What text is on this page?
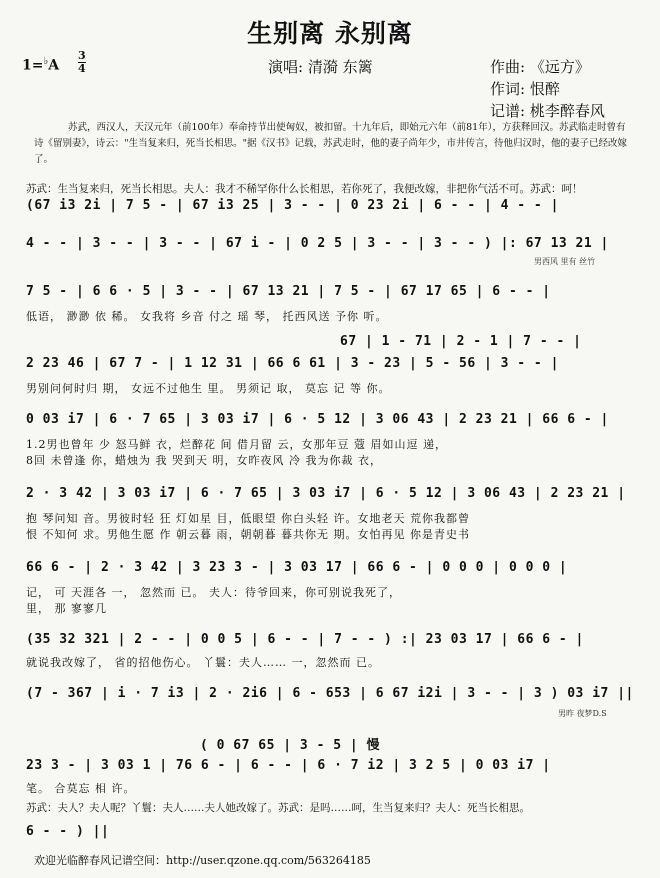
生别离 永别离
1=♭A
3
4	演唱: 清漪 东篱	作曲: 《远方》
作词: 恨醉
记谱: 桃李醉春风
苏武，西汉人，天汉元年（前100年）奉命持节出使匈奴，被扣留。十九年后，即始元六年（前81年），方获释回汉。苏武临走时曾有诗《留别妻》，诗云："生当复来归，死当长相思。"据《汉书》记载，苏武走时，他的妻子尚年少，市井传言，待他归汉时，他的妻子已经改嫁了。
苏武：生当复来归，死当长相思。夫人：我才不稀罕你什么长相思，若你死了，我便改嫁，非把你气活不可。苏武：呵！
(67 i3 2i | 7 5 - | 67 i3 25 | 3 - - | 0 23 2i | 6 - - | 4 - - |
4 - - | 3 - - | 3 - - | 67 i - | 0 2 5 | 3 - - | 3 - - ) |: 67 13 21 |
男西风 里有 丝竹
7 5 - | 6 6 · 5 | 3 - - | 67 13 21 | 7 5 - | 67 17 65 | 6 - - |
低语， 渺渺 依 稀。 女我将 乡音 付之 瑶 琴， 托西风送 予你 听。
67 | 1 - 71 | 2 - 1 | 7 - - |
2 23 46 | 67 7 - | 1 12 31 | 66 6 61 | 3 - 23 | 5 - 56 | 3 - - |
男别问何时归 期， 女远不过他生 里。 男须记 取， 莫忘 记 等 你。
0 03 i7 | 6 · 7 65 | 3 03 i7 | 6 · 5 12 | 3 06 43 | 2 23 21 | 66 6 - |
1.2男也曾年 少 怒马鲜 衣，烂醉花 间 借月留 云，女那年豆 蔻 眉如山逗 递，
8回 未曾逢 你，蜡烛为 我 哭到天 明，女昨夜风 冷 我为你裁 衣，
2 · 3 42 | 3 03 i7 | 6 · 7 65 | 3 03 i7 | 6 · 5 12 | 3 06 43 | 2 23 21 |
抱 琴问知 音。男彼时轻 狂 灯如星 目，低眼望 你白头轻 许。女地老天 荒你我都曾
恨 不知何 求。男他生愿 作 朝云暮 雨，朝朝暮 暮共你无 期。女怕再见 你是青史书
66 6 - | 2 · 3 42 | 3 23 3 - | 3 03 17 | 66 6 - | 0 0 0 | 0 0 0 |
记， 可 天涯各 一， 忽然而 已。 夫人：待爷回来，你可别说我死了，
里， 那 寥寥几
(35 32 321 | 2 - - | 0 0 5 | 6 - - | 7 - - ) :| 23 03 17 | 66 6 - |
就说我改嫁了， 省的招他伤心。 丫鬟：夫人…… 一，忽然而 已。
(7 - 367 | i · 7 i3 | 2 · 2i6 | 6 - 653 | 6 67 i2i | 3 - - | 3 ) 03 i7 ||
男昨 夜梦D.S
( 0 67 65 | 3 - 5 | 慢
23 3 - | 3 03 1 | 76 6 - | 6 - - | 6 · 7 i2 | 3 2 5 | 0 03 i7 |
笔。 合莫忘 相 许。
苏武：夫人？夫人呢？丫鬟：夫人……夫人她改嫁了。苏武：是吗……呵，生当复来归？夫人：死当长相思。
6 - - ) ||
欢迎光临醉春风记谱空间：http://user.qzone.qq.com/563264185
